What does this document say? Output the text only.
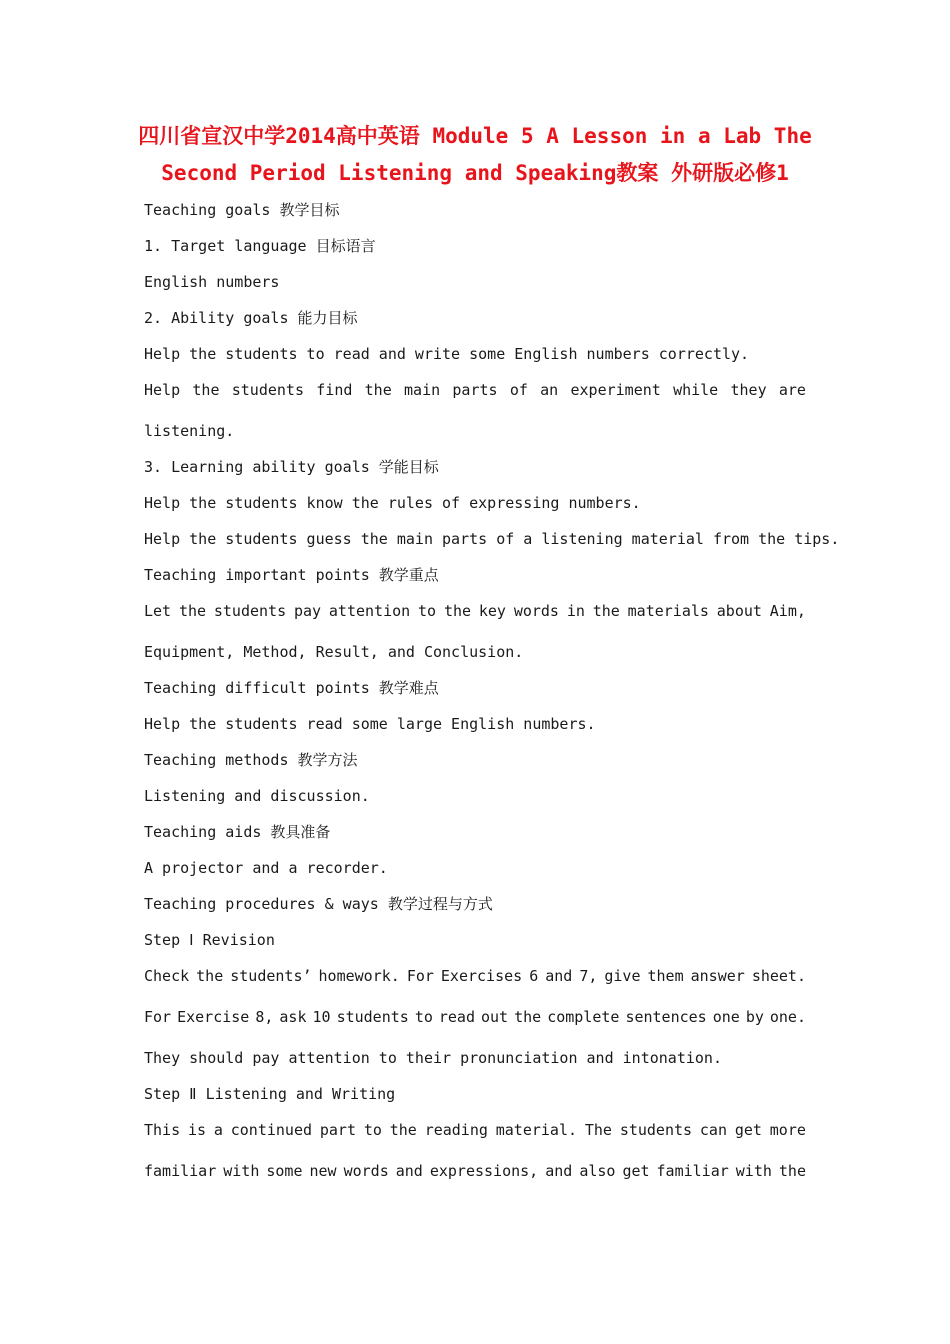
四川省宣汉中学2014高中英语 Module 5 A Lesson in a Lab The
Second Period Listening and Speaking教案 外研版必修1
Teaching goals 教学目标
1. Target language 目标语言
English numbers
2. Ability goals 能力目标
Help the students to read and write some English numbers correctly.
Help the students find the main parts of an experiment while they are
listening.
3. Learning ability goals 学能目标
Help the students know the rules of expressing numbers.
Help the students guess the main parts of a listening material from the tips.
Teaching important points 教学重点
Let the students pay attention to the key words in the materials about Aim,
Equipment, Method, Result, and Conclusion.
Teaching difficult points 教学难点
Help the students read some large English numbers.
Teaching methods 教学方法
Listening and discussion.
Teaching aids 教具准备
A projector and a recorder.
Teaching procedures & ways 教学过程与方式
Step Ⅰ Revision
Check the students’ homework. For Exercises 6 and 7, give them answer sheet.
For Exercise 8, ask 10 students to read out the complete sentences one by one.
They should pay attention to their pronunciation and intonation.
Step Ⅱ Listening and Writing
This is a continued part to the reading material. The students can get more
familiar with some new words and expressions, and also get familiar with the
